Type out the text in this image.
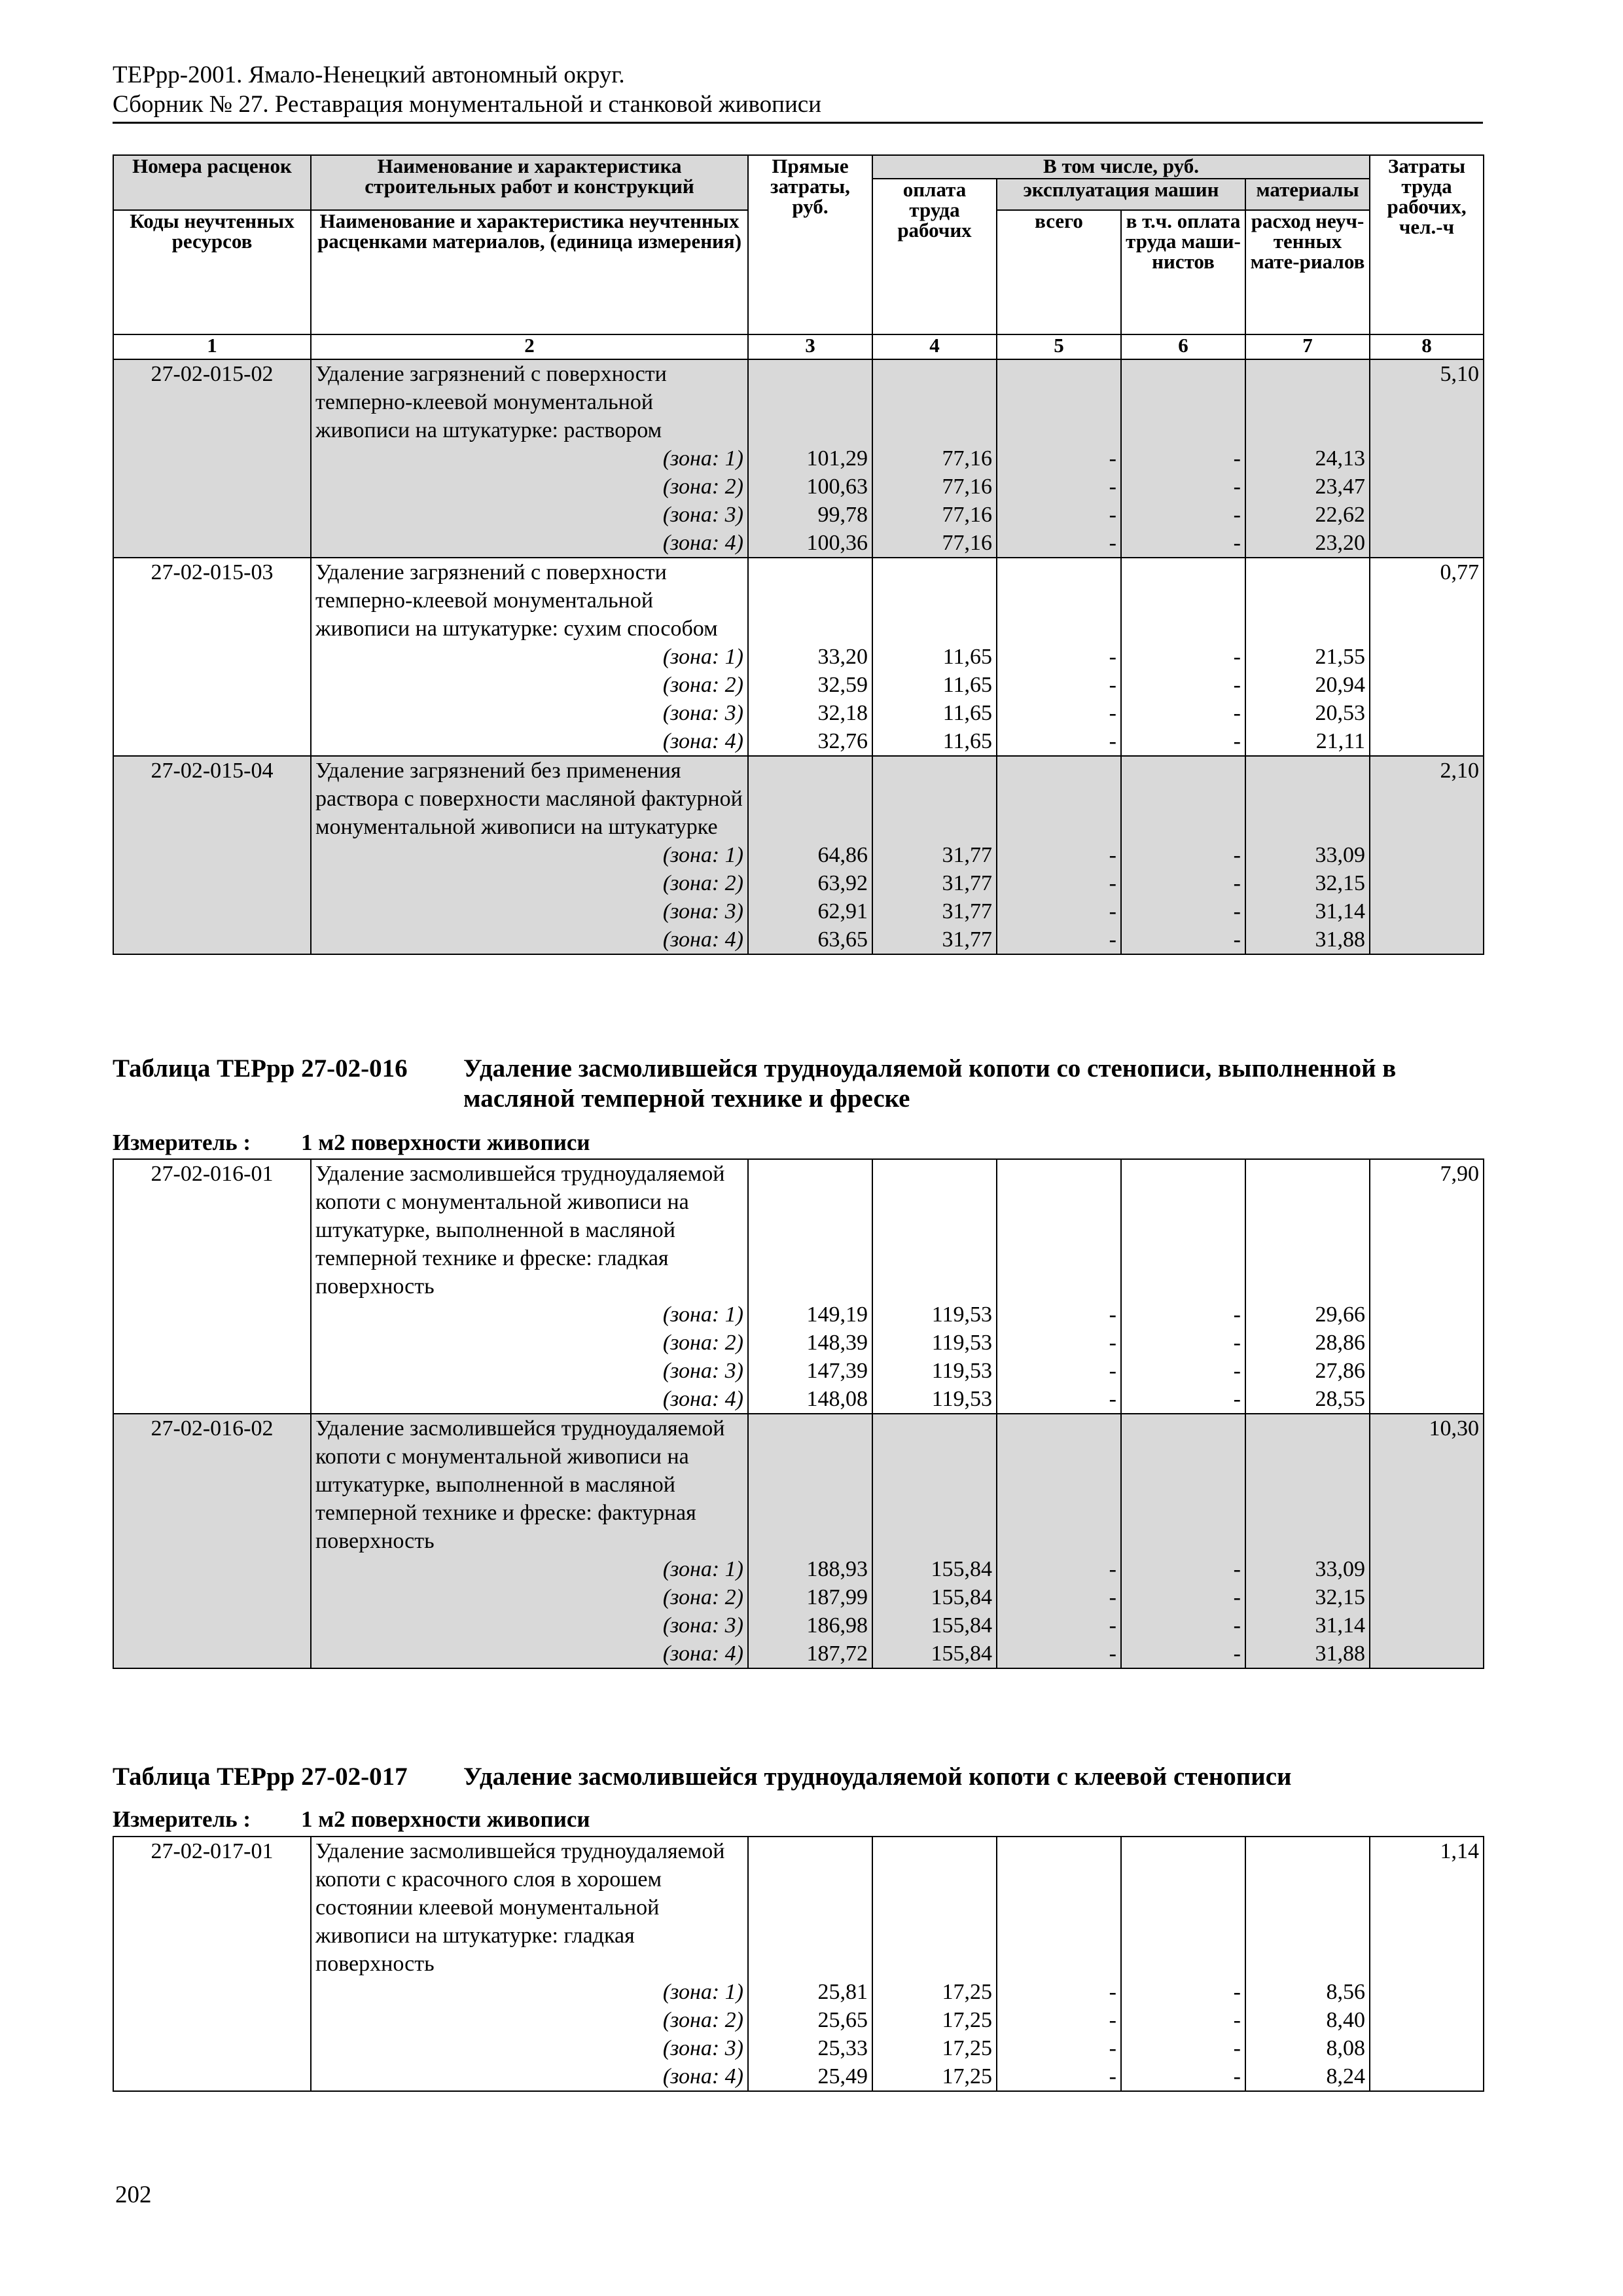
ТЕРрр-2001. Ямало-Ненецкий автономный округ.
Сборник № 27. Реставрация монументальной и станковой живописи
Номера расценок	Наименование и характеристика строительных работ и конструкций	Прямые затраты, руб.	В том числе, руб.				Затраты труда рабочих, чел.-ч
			оплата труда рабочих	эксплуатация машин		материалы	
Коды неучтенных ресурсов	Наименование и характеристика неучтенных расценками материалов, (единица измерения)			всего	в т.ч. оплата труда маши-нистов	расход неуч-тенных мате-риалов	

1	2	3	4	5	6	7	8
27-02-015-02	Удаление загрязнений с поверхности темперно-клеевой монументальной живописи на штукатурке: раствором						5,10
	(зона: 1)	101,29	77,16	-	-	24,13	
	(зона: 2)	100,63	77,16	-	-	23,47	
	(зона: 3)	99,78	77,16	-	-	22,62	
	(зона: 4)	100,36	77,16	-	-	23,20	
27-02-015-03	Удаление загрязнений с поверхности темперно-клеевой монументальной живописи на штукатурке: сухим способом						0,77
	(зона: 1)	33,20	11,65	-	-	21,55	
	(зона: 2)	32,59	11,65	-	-	20,94	
	(зона: 3)	32,18	11,65	-	-	20,53	
	(зона: 4)	32,76	11,65	-	-	21,11	
27-02-015-04	Удаление загрязнений без применения раствора с поверхности масляной фактурной монументальной живописи на штукатурке						2,10
	(зона: 1)	64,86	31,77	-	-	33,09	
	(зона: 2)	63,92	31,77	-	-	32,15	
	(зона: 3)	62,91	31,77	-	-	31,14	
	(зона: 4)	63,65	31,77	-	-	31,88	
Таблица ТЕРрр 27-02-016 Удаление засмолившейся трудноудаляемой копоти со стенописи, выполненной в масляной темперной технике и фреске
Измеритель : 1 м2 поверхности живописи
27-02-016-01	Удаление засмолившейся трудноудаляемой копоти с монументальной живописи на штукатурке, выполненной в масляной темперной технике и фреске: гладкая поверхность						7,90
	(зона: 1)	149,19	119,53	-	-	29,66	
	(зона: 2)	148,39	119,53	-	-	28,86	
	(зона: 3)	147,39	119,53	-	-	27,86	
	(зона: 4)	148,08	119,53	-	-	28,55	
27-02-016-02	Удаление засмолившейся трудноудаляемой копоти с монументальной живописи на штукатурке, выполненной в масляной темперной технике и фреске: фактурная поверхность						10,30
	(зона: 1)	188,93	155,84	-	-	33,09	
	(зона: 2)	187,99	155,84	-	-	32,15	
	(зона: 3)	186,98	155,84	-	-	31,14	
	(зона: 4)	187,72	155,84	-	-	31,88	
Таблица ТЕРрр 27-02-017 Удаление засмолившейся трудноудаляемой копоти с клеевой стенописи
Измеритель : 1 м2 поверхности живописи
27-02-017-01	Удаление засмолившейся трудноудаляемой копоти с красочного слоя в хорошем состоянии клеевой монументальной живописи на штукатурке: гладкая поверхность						1,14
	(зона: 1)	25,81	17,25	-	-	8,56	
	(зона: 2)	25,65	17,25	-	-	8,40	
	(зона: 3)	25,33	17,25	-	-	8,08	
	(зона: 4)	25,49	17,25	-	-	8,24	
202
